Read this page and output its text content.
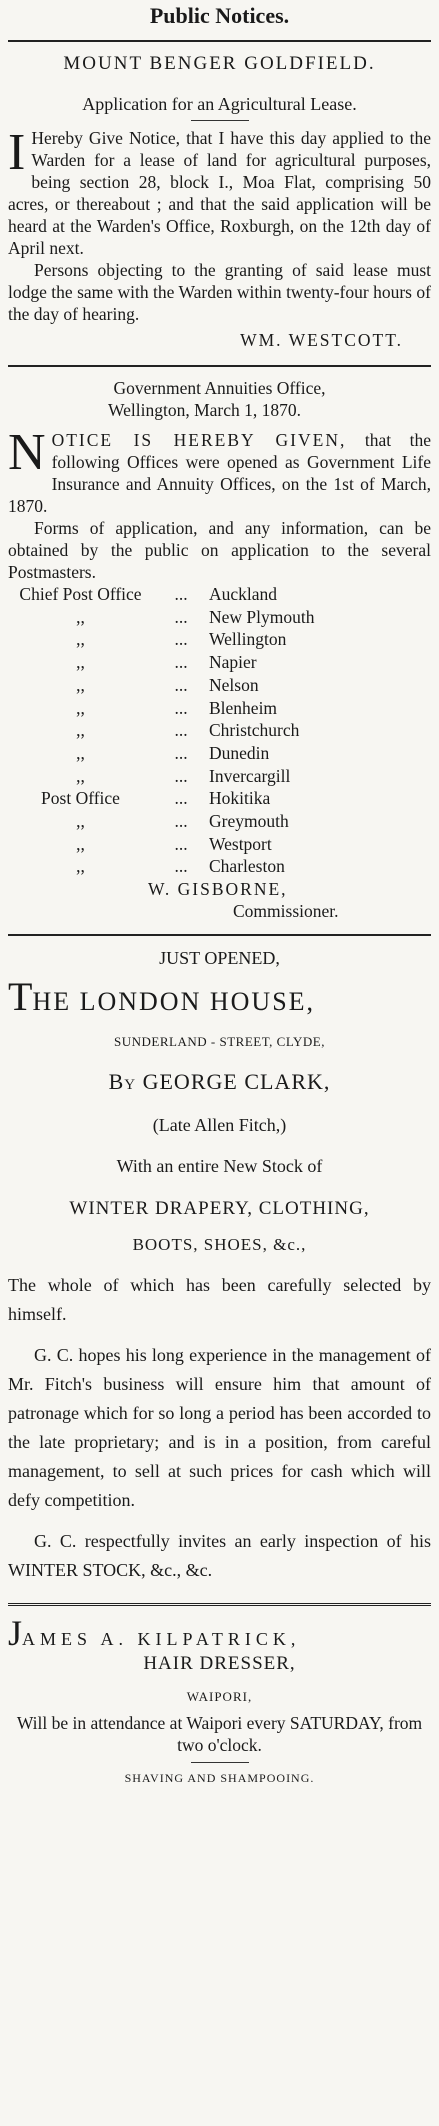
Public Notices.

MOUNT BENGER GOLDFIELD.

Application for an Agricultural Lease.

I Hereby Give Notice, that I have this day applied to the Warden for a lease of land for agricultural purposes, being section 28, block I., Moa Flat, comprising 50 acres, or thereabout ; and that the said application will be heard at the Warden's Office, Roxburgh, on the 12th day of April next.

Persons objecting to the granting of said lease must lodge the same with the Warden within twenty-four hours of the day of hearing.

WM. WESTCOTT.

Government Annuities Office,

Wellington, March 1, 1870.

N OTICE IS HEREBY GIVEN, that the following Offices were opened as Government Life Insurance and Annuity Offices, on the 1st of March, 1870.

Forms of application, and any information, can be obtained by the public on application to the several Postmasters.

Chief Post Office	...	Auckland
,,	...	New Plymouth
,,	...	Wellington
,,	...	Napier
,,	...	Nelson
,,	...	Blenheim
,,	...	Christchurch
,,	...	Dunedin
,,	...	Invercargill
Post Office	...	Hokitika
,,	...	Greymouth
,,	...	Westport
,,	...	Charleston

W. GISBORNE,

Commissioner.

JUST OPENED,

THE LONDON HOUSE,

SUNDERLAND - STREET, CLYDE,

By GEORGE CLARK,

(Late Allen Fitch,)

With an entire New Stock of

WINTER DRAPERY, CLOTHING,

BOOTS, SHOES, &c.,

The whole of which has been carefully selected by himself.

G. C. hopes his long experience in the management of Mr. Fitch's business will ensure him that amount of patronage which for so long a period has been accorded to the late proprietary; and is in a position, from careful management, to sell at such prices for cash which will defy competition.

G. C. respectfully invites an early inspection of his WINTER STOCK, &c., &c.

JAMES A. KILPATRICK,

HAIR DRESSER,

WAIPORI,

Will be in attendance at Waipori every SATURDAY, from two o'clock.

SHAVING AND SHAMPOOING.
